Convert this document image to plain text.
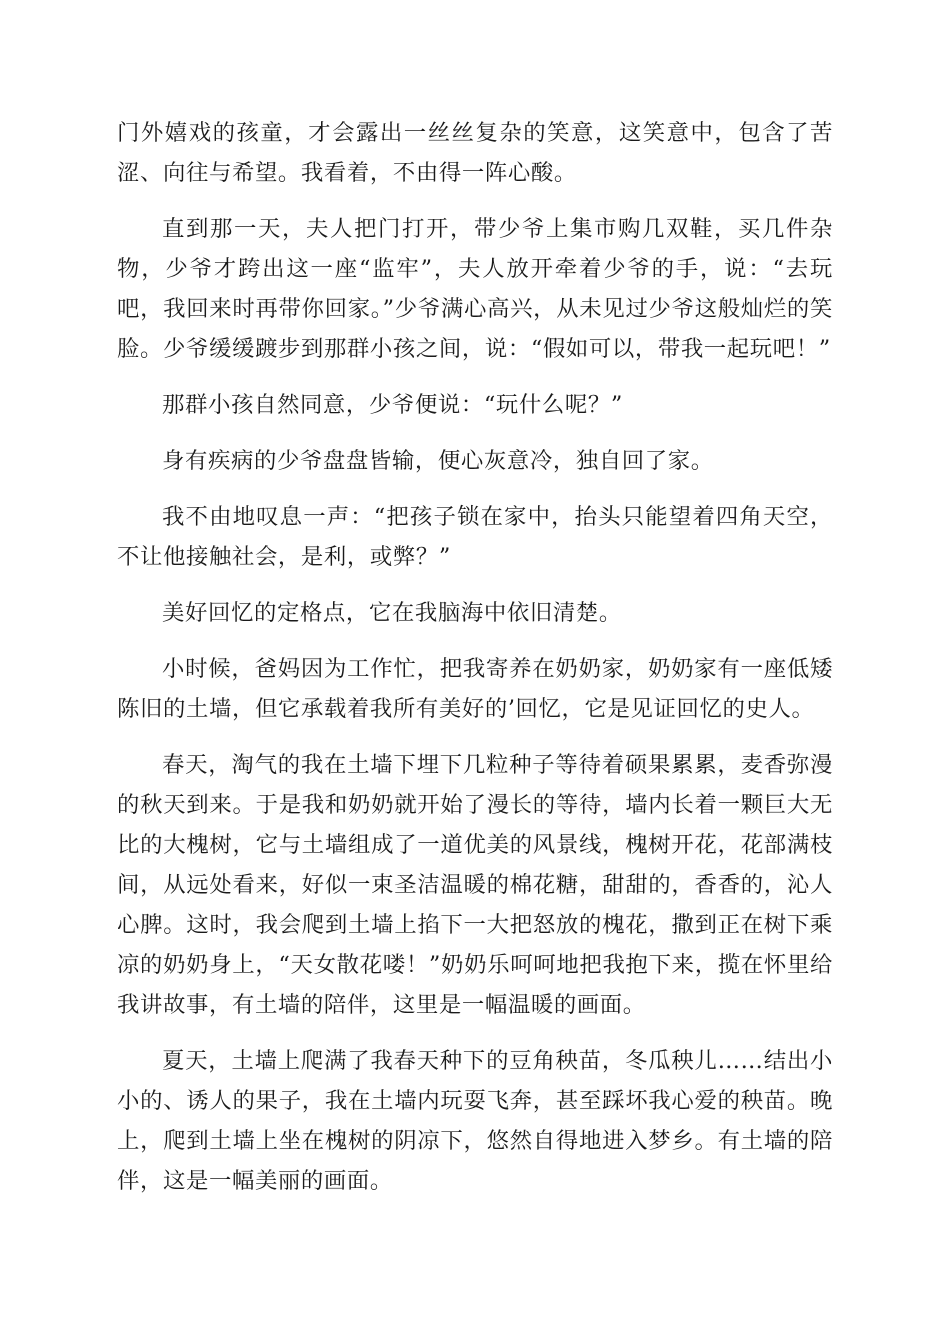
门外嬉戏的孩童，才会露出一丝丝复杂的笑意，这笑意中，包含了苦涩、向往与希望。我看着，不由得一阵心酸。

直到那一天，夫人把门打开，带少爷上集市购几双鞋，买几件杂物，少爷才跨出这一座“监牢”，夫人放开牵着少爷的手，说：“去玩吧，我回来时再带你回家。”少爷满心高兴，从未见过少爷这般灿烂的笑脸。少爷缓缓踱步到那群小孩之间，说：“假如可以，带我一起玩吧！”

那群小孩自然同意，少爷便说：“玩什么呢？”

身有疾病的少爷盘盘皆输，便心灰意冷，独自回了家。

我不由地叹息一声：“把孩子锁在家中，抬头只能望着四角天空，不让他接触社会，是利，或弊？”

美好回忆的定格点，它在我脑海中依旧清楚。

小时候，爸妈因为工作忙，把我寄养在奶奶家，奶奶家有一座低矮陈旧的土墙，但它承载着我所有美好的’回忆，它是见证回忆的史人。

春天，淘气的我在土墙下埋下几粒种子等待着硕果累累，麦香弥漫的秋天到来。于是我和奶奶就开始了漫长的等待，墙内长着一颗巨大无比的大槐树，它与土墙组成了一道优美的风景线，槐树开花，花部满枝间，从远处看来，好似一束圣洁温暖的棉花糖，甜甜的，香香的，沁人心脾。这时，我会爬到土墙上掐下一大把怒放的槐花，撒到正在树下乘凉的奶奶身上，“天女散花喽！”奶奶乐呵呵地把我抱下来，揽在怀里给我讲故事，有土墙的陪伴，这里是一幅温暖的画面。

夏天，土墙上爬满了我春天种下的豆角秧苗，冬瓜秧儿……结出小小的、诱人的果子，我在土墙内玩耍飞奔，甚至踩坏我心爱的秧苗。晚上，爬到土墙上坐在槐树的阴凉下，悠然自得地进入梦乡。有土墙的陪伴，这是一幅美丽的画面。
